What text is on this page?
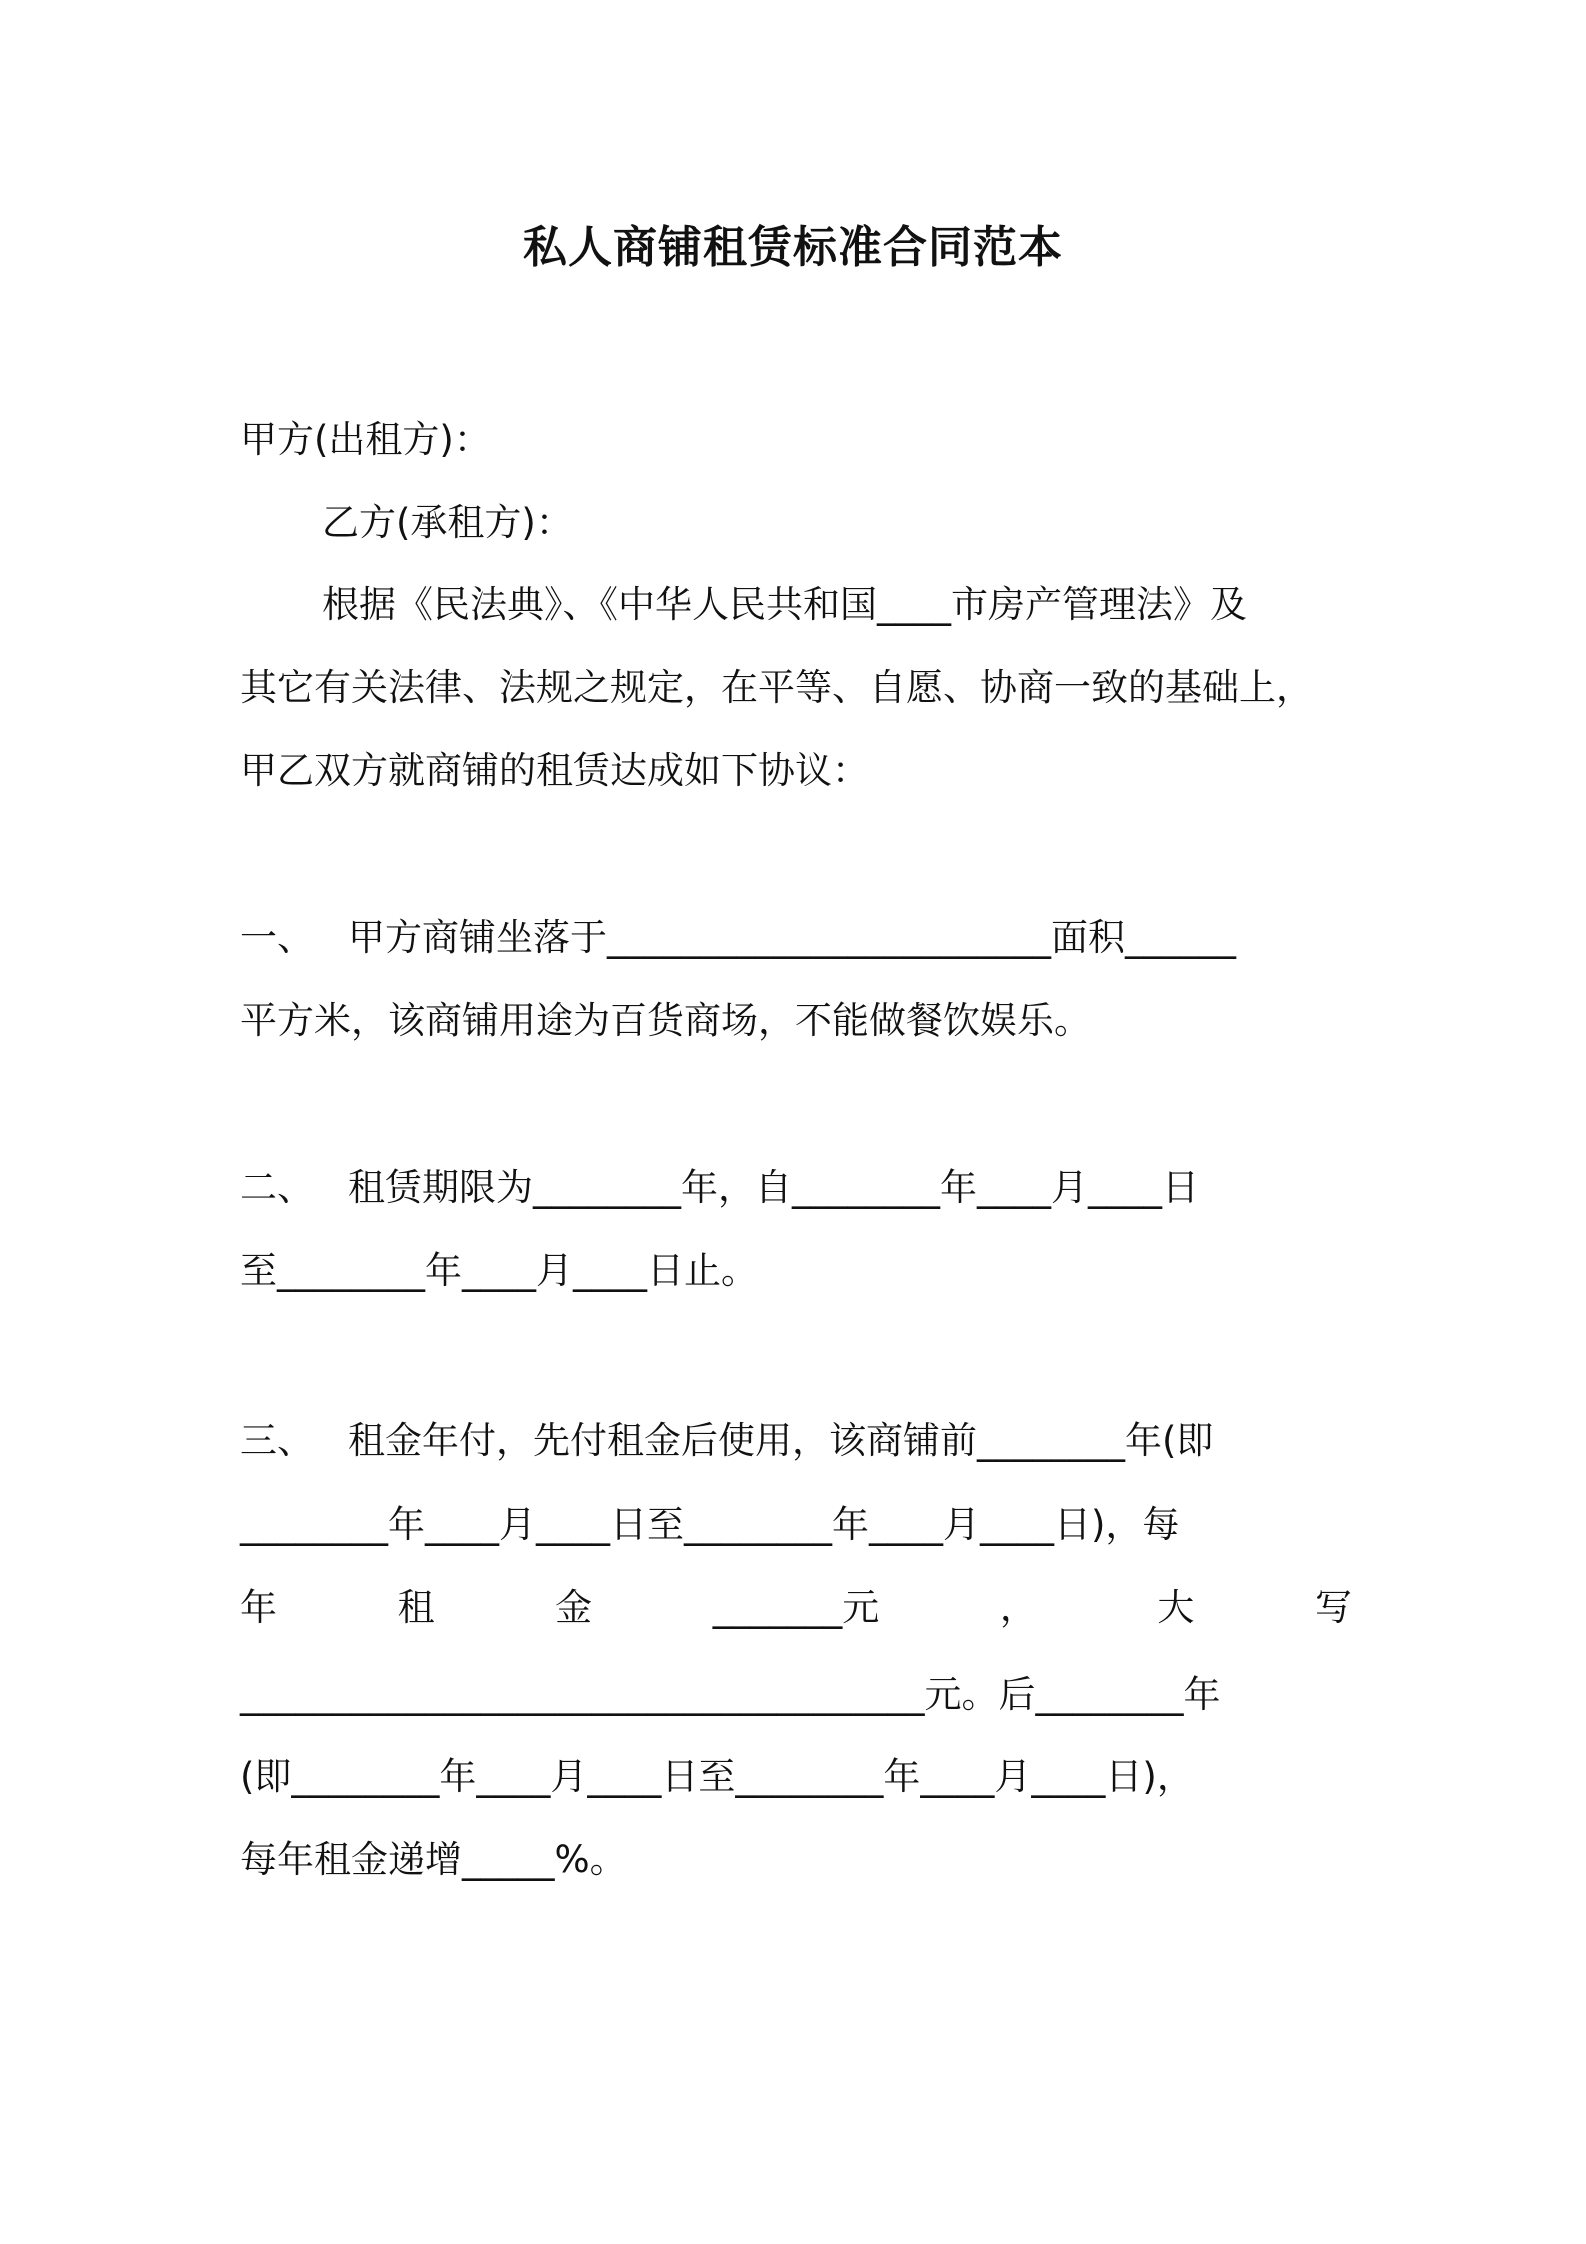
私人商铺租赁标准合同范本

甲方(出租方)：

乙方(承租方)：

根据《民法典》、《中华人民共和国____市房产管理法》及

其它有关法律、法规之规定，在平等、自愿、协商一致的基础上，

甲乙双方就商铺的租赁达成如下协议：

一、 甲方商铺坐落于________________________面积______

平方米，该商铺用途为百货商场，不能做餐饮娱乐。

二、 租赁期限为________年，自________年____月____日

至________年____月____日止。

三、 租金年付，先付租金后使用，该商铺前________年(即

________年____月____日至________年____月____日)，每

年	租	金	_______元	，	大	写

_____________________________________元。后________年

(即________年____月____日至________年____月____日)，

每年租金递增_____%。
